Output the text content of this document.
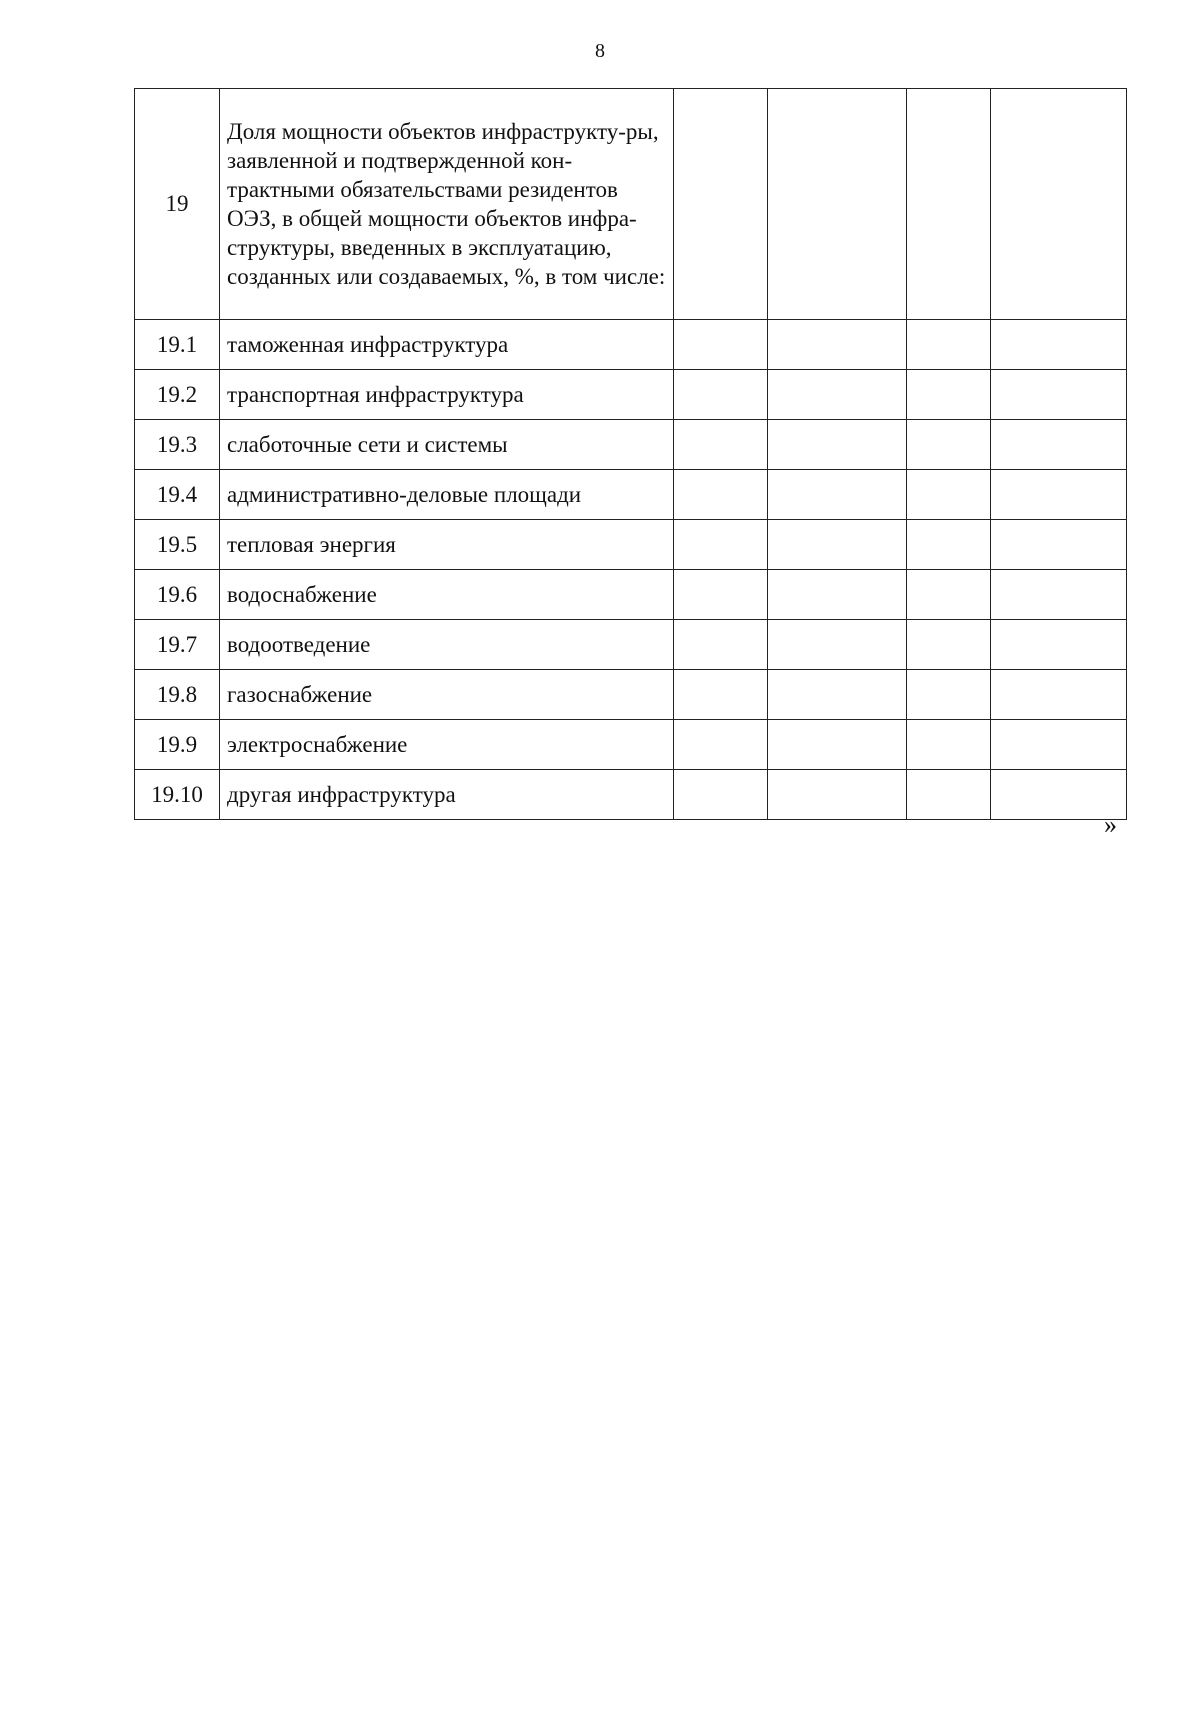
8
19	Доля мощности объектов инфраструкту-ры, заявленной и подтвержденной кон-трактными обязательствами резидентов ОЭЗ, в общей мощности объектов инфра-структуры, введенных в эксплуатацию, созданных или создаваемых, %, в том числе:				
19.1	таможенная инфраструктура				
19.2	транспортная инфраструктура				
19.3	слаботочные сети и системы				
19.4	административно-деловые площади				
19.5	тепловая энергия				
19.6	водоснабжение				
19.7	водоотведение				
19.8	газоснабжение				
19.9	электроснабжение				
19.10	другая инфраструктура				
»
